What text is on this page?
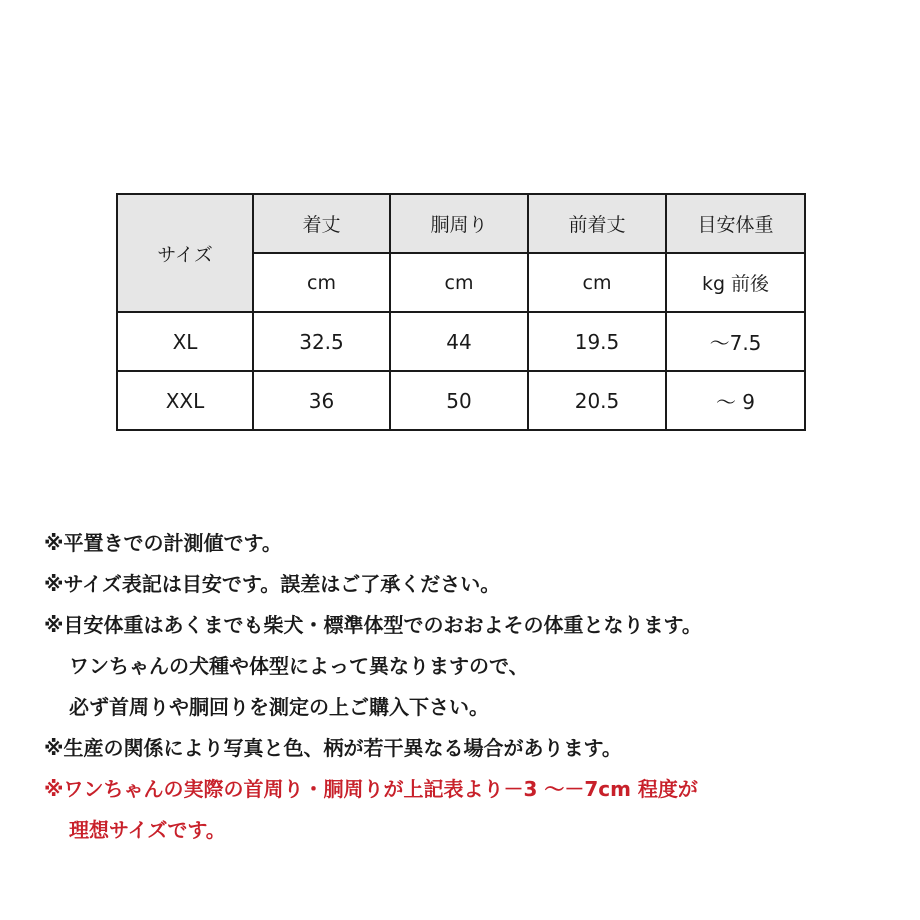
サイズ	着丈	胴周り	前着丈	目安体重
	cm	cm	cm	kg 前後
XL	32.5	44	19.5	～7.5
XXL	36	50	20.5	～ 9
※平置きでの計測値です。
※サイズ表記は目安です。誤差はご了承ください。
※目安体重はあくまでも柴犬・標準体型でのおおよその体重となります。
ワンちゃんの犬種や体型によって異なりますので、
必ず首周りや胴回りを測定の上ご購入下さい。
※生産の関係により写真と色、柄が若干異なる場合があります。
※ワンちゃんの実際の首周り・胴周りが上記表より－3 ～－7cm 程度が
理想サイズです。
